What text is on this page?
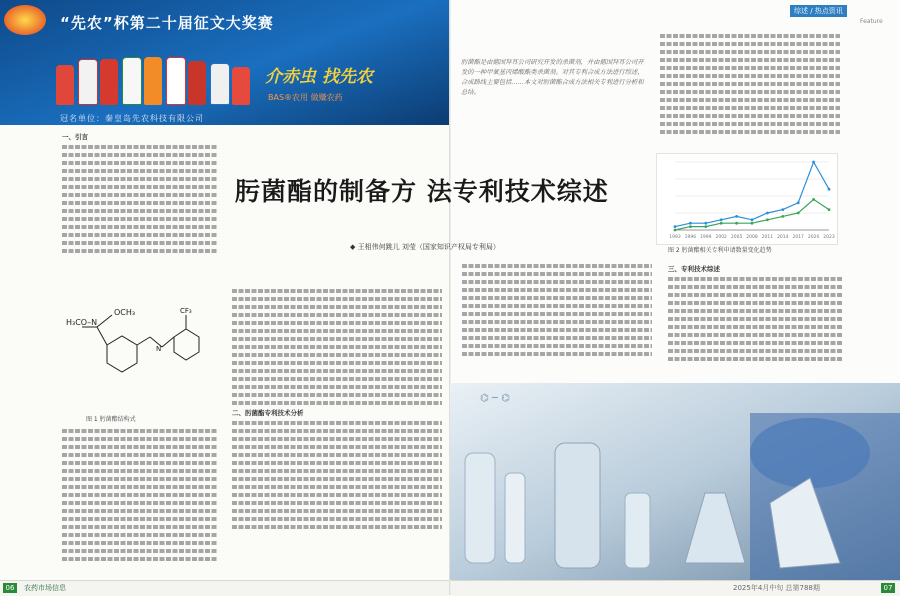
“先农”杯第二十届征文大奖赛
介赤虫 找先农
BAS®农用 做赚农药
冠名单位：秦皇岛先农科技有限公司
一、引言
肟菌酯的制备方 法专利技术综述
◆ 王相伟何跳儿 刘莹（国家知识产权局专利局）
H₃CO–N
OCH₃
N
CF₃
图 1 肟菌酯结构式
二、肟菌酯专利技术分析
综述 / 热点资讯
Feature
肟菌酯是由德国拜耳公司研究开发的杀菌剂，并由德国拜耳公司开发的一种甲氧基丙烯酸酯类杀菌剂。对其专利合成方法进行综述，合成路线主要包括……本文对肟菌酯合成方法相关专利进行分析和总结。
1993 1996 1999 2002 2005 2008 2011 2014 2017 2020 2023
图 2 肟菌酯相关专利申请数量变化趋势
三、专利技术综述
⌬ ─ ⌬
06	农药市场信息	2025年4月中旬 总第788期	07
